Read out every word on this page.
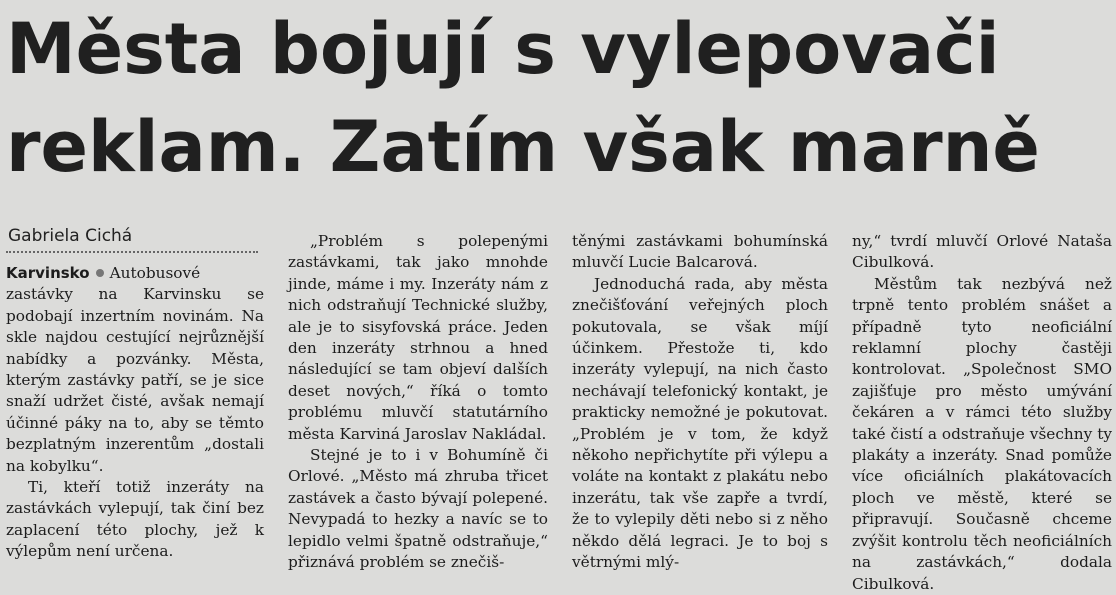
Města bojují s vylepovači
reklam. Zatím však marně
Gabriela Cichá

Karvinsko Autobusové zastávky na Karvinsku se podobají inzertním novinám. Na skle najdou cestující nejrůznější nabídky a pozvánky. Města, kterým zastávky patří, se je sice snaží udržet čisté, avšak nemají účinné páky na to, aby se těmto bezplatným inzerentům „dostali na kobylku“.

Ti, kteří totiž inzeráty na zastávkách vylepují, tak činí bez zaplacení této plochy, jež k výlepům není určena.

„Problém s polepenými zastávkami, tak jako mnohde jinde, máme i my. Inzeráty nám z nich odstraňují Technické služby, ale je to sisyfovská práce. Jeden den inzeráty strhnou a hned následující se tam objeví dalších deset nových,“ říká o tomto problému mluvčí statutárního města Karviná Jaroslav Nakládal.

Stejné je to i v Bohumíně či Orlové. „Město má zhruba třicet zastávek a často bývají polepené. Nevypadá to hezky a navíc se to lepidlo velmi špatně odstraňuje,“ přiznává problém se znečiš-

těnými zastávkami bohumínská mluvčí Lucie Balcarová.

Jednoduchá rada, aby města znečišťování veřejných ploch pokutovala, se však míjí účinkem. Přestože ti, kdo inzeráty vylepují, na nich často nechávají telefonický kontakt, je prakticky nemožné je pokutovat. „Problém je v tom, že když někoho nepřichytíte při výlepu a voláte na kontakt z plakátu nebo inzerátu, tak vše zapře a tvrdí, že to vylepily děti nebo si z něho někdo dělá legraci. Je to boj s větrnými mlý-

ny,“ tvrdí mluvčí Orlové Nataša Cibulková.

Městům tak nezbývá než trpně tento problém snášet a případně tyto neoficiální reklamní plochy častěji kontrolovat. „Společnost SMO zajišťuje pro město umývání čekáren a v rámci této služby také čistí a odstraňuje všechny ty plakáty a inzeráty. Snad pomůže více oficiálních plakátovacích ploch ve městě, které se připravují. Současně chceme zvýšit kontrolu těch neoficiálních na zastávkách,“ dodala Cibulková.
